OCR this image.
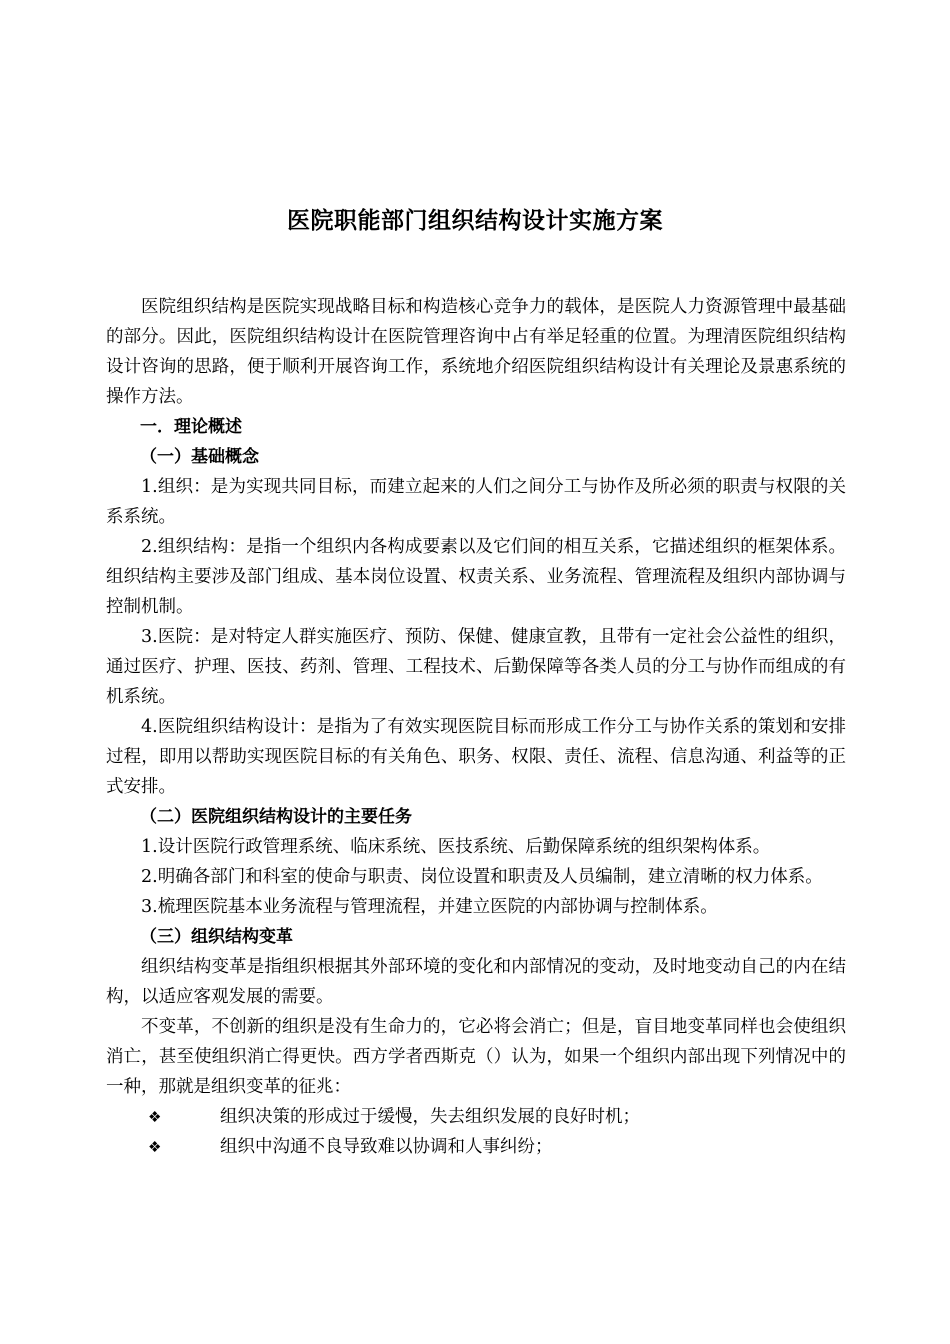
医院职能部门组织结构设计实施方案

医院组织结构是医院实现战略目标和构造核心竞争力的载体，是医院人力资源管理中最基础的部分。因此，医院组织结构设计在医院管理咨询中占有举足轻重的位置。为理清医院组织结构设计咨询的思路，便于顺利开展咨询工作，系统地介绍医院组织结构设计有关理论及景惠系统的操作方法。

一．理论概述

（一）基础概念

1.组织：是为实现共同目标，而建立起来的人们之间分工与协作及所必须的职责与权限的关系系统。

2.组织结构：是指一个组织内各构成要素以及它们间的相互关系，它描述组织的框架体系。组织结构主要涉及部门组成、基本岗位设置、权责关系、业务流程、管理流程及组织内部协调与控制机制。

3.医院：是对特定人群实施医疗、预防、保健、健康宣教，且带有一定社会公益性的组织，通过医疗、护理、医技、药剂、管理、工程技术、后勤保障等各类人员的分工与协作而组成的有机系统。

4.医院组织结构设计：是指为了有效实现医院目标而形成工作分工与协作关系的策划和安排过程，即用以帮助实现医院目标的有关角色、职务、权限、责任、流程、信息沟通、利益等的正式安排。

（二）医院组织结构设计的主要任务

1.设计医院行政管理系统、临床系统、医技系统、后勤保障系统的组织架构体系。

2.明确各部门和科室的使命与职责、岗位设置和职责及人员编制，建立清晰的权力体系。

3.梳理医院基本业务流程与管理流程，并建立医院的内部协调与控制体系。

（三）组织结构变革

组织结构变革是指组织根据其外部环境的变化和内部情况的变动，及时地变动自己的内在结构，以适应客观发展的需要。

不变革，不创新的组织是没有生命力的，它必将会消亡；但是，盲目地变革同样也会使组织消亡，甚至使组织消亡得更快。西方学者西斯克（）认为，如果一个组织内部出现下列情况中的一种，那就是组织变革的征兆：

❖	组织决策的形成过于缓慢，失去组织发展的良好时机；
❖	组织中沟通不良导致难以协调和人事纠纷；
